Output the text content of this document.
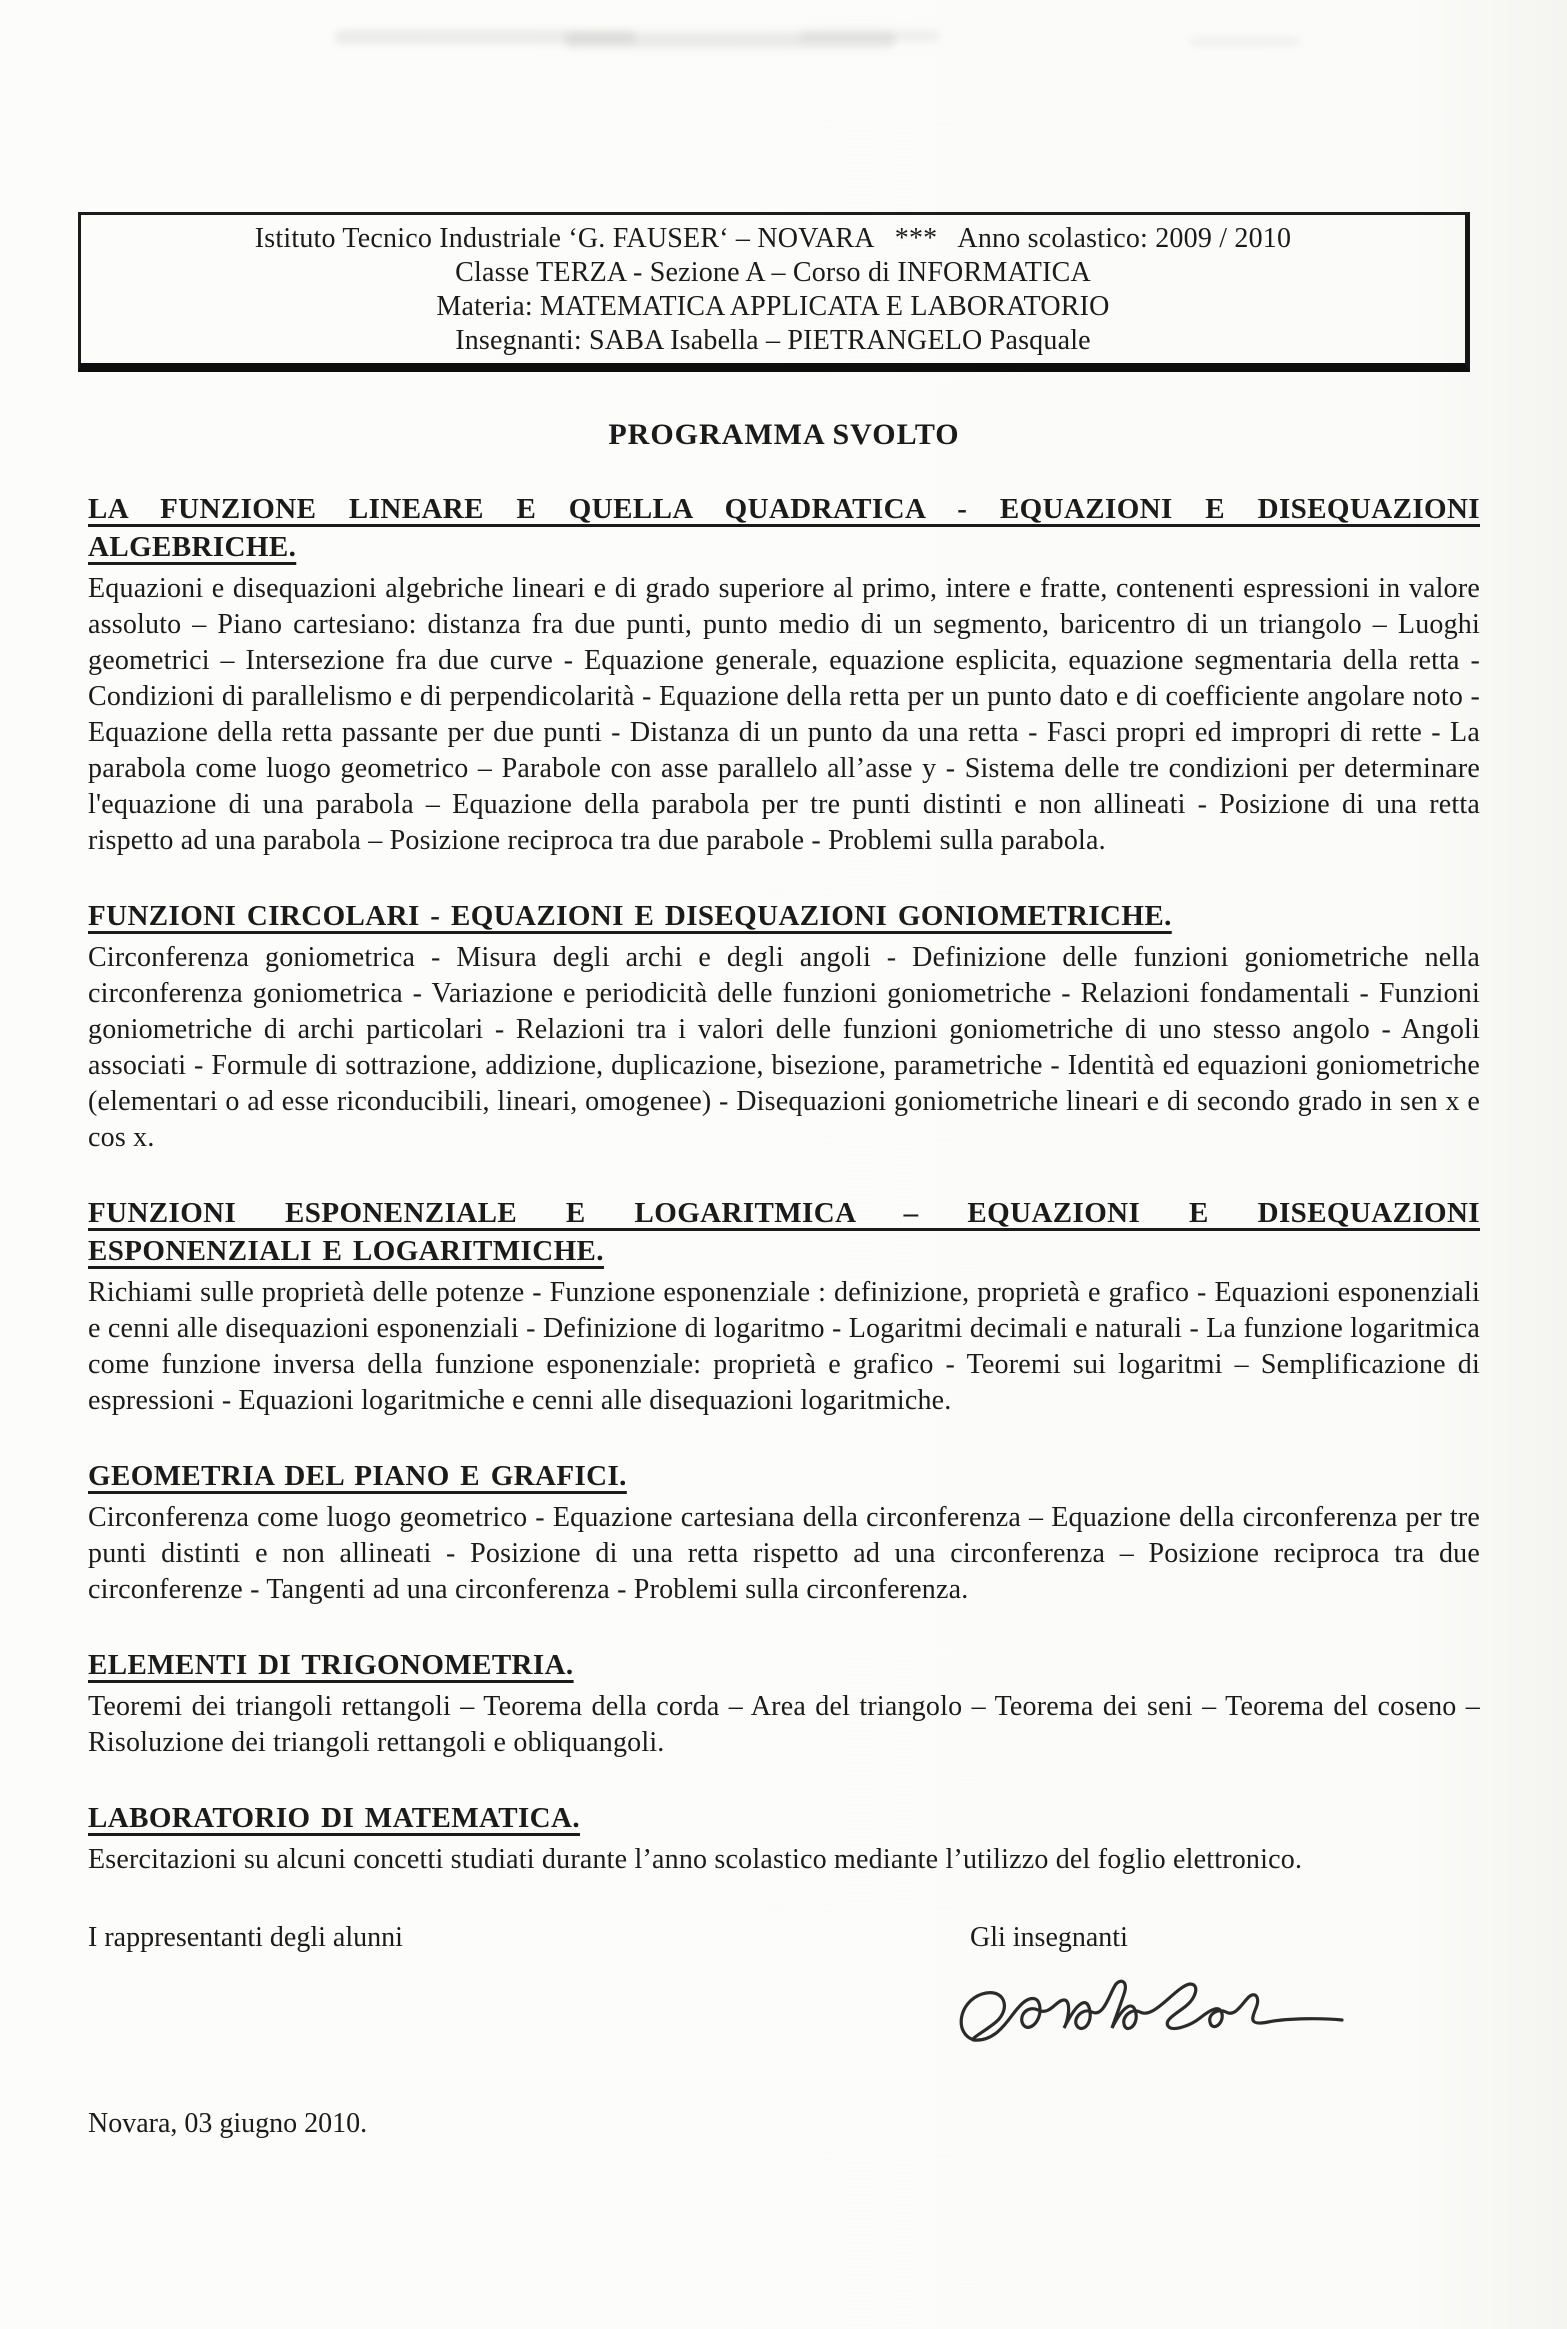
Istituto Tecnico Industriale ‘G. FAUSER‘ – NOVARA   ***   Anno scolastico: 2009 / 2010
Classe TERZA - Sezione A – Corso di INFORMATICA
Materia: MATEMATICA APPLICATA E LABORATORIO
Insegnanti: SABA Isabella – PIETRANGELO Pasquale
PROGRAMMA SVOLTO
LA FUNZIONE LINEARE E QUELLA QUADRATICA - EQUAZIONI E DISEQUAZIONI
ALGEBRICHE.
Equazioni e disequazioni algebriche lineari e di grado superiore al primo, intere e fratte, contenenti espressioni in valore assoluto – Piano cartesiano: distanza fra due punti, punto medio di un segmento, baricentro di un triangolo – Luoghi geometrici – Intersezione fra due curve - Equazione generale, equazione esplicita, equazione segmentaria della retta - Condizioni di parallelismo e di perpendicolarità - Equazione della retta per un punto dato e di coefficiente angolare noto - Equazione della retta passante per due punti - Distanza di un punto da una retta - Fasci propri ed impropri di rette - La parabola come luogo geometrico – Parabole con asse parallelo all’asse y - Sistema delle tre condizioni per determinare l'equazione di una parabola – Equazione della parabola per tre punti distinti e non allineati - Posizione di una retta rispetto ad una parabola – Posizione reciproca tra due parabole - Problemi sulla parabola.
FUNZIONI CIRCOLARI - EQUAZIONI E DISEQUAZIONI GONIOMETRICHE.
Circonferenza goniometrica - Misura degli archi e degli angoli - Definizione delle funzioni goniometriche nella circonferenza goniometrica - Variazione e periodicità delle funzioni goniometriche - Relazioni fondamentali - Funzioni goniometriche di archi particolari - Relazioni tra i valori delle funzioni goniometriche di uno stesso angolo - Angoli associati - Formule di sottrazione, addizione, duplicazione, bisezione, parametriche - Identità ed equazioni goniometriche (elementari o ad esse riconducibili, lineari, omogenee) - Disequazioni goniometriche lineari e di secondo grado in sen x e cos x.
FUNZIONI ESPONENZIALE E LOGARITMICA – EQUAZIONI E DISEQUAZIONI
ESPONENZIALI E LOGARITMICHE.
Richiami sulle proprietà delle potenze - Funzione esponenziale : definizione, proprietà e grafico - Equazioni esponenziali e cenni alle disequazioni esponenziali - Definizione di logaritmo - Logaritmi decimali e naturali - La funzione logaritmica come funzione inversa della funzione esponenziale: proprietà e grafico - Teoremi sui logaritmi – Semplificazione di espressioni - Equazioni logaritmiche e cenni alle disequazioni logaritmiche.
GEOMETRIA DEL PIANO E GRAFICI.
Circonferenza come luogo geometrico - Equazione cartesiana della circonferenza – Equazione della circonferenza per tre punti distinti e non allineati - Posizione di una retta rispetto ad una circonferenza – Posizione reciproca tra due circonferenze - Tangenti ad una circonferenza - Problemi sulla circonferenza.
ELEMENTI DI TRIGONOMETRIA.
Teoremi dei triangoli rettangoli – Teorema della corda – Area del triangolo – Teorema dei seni – Teorema del coseno – Risoluzione dei triangoli rettangoli e obliquangoli.
LABORATORIO DI MATEMATICA.
Esercitazioni su alcuni concetti studiati durante l’anno scolastico mediante l’utilizzo del foglio elettronico.
I rappresentanti degli alunni	Gli insegnanti
Novara, 03 giugno 2010.
